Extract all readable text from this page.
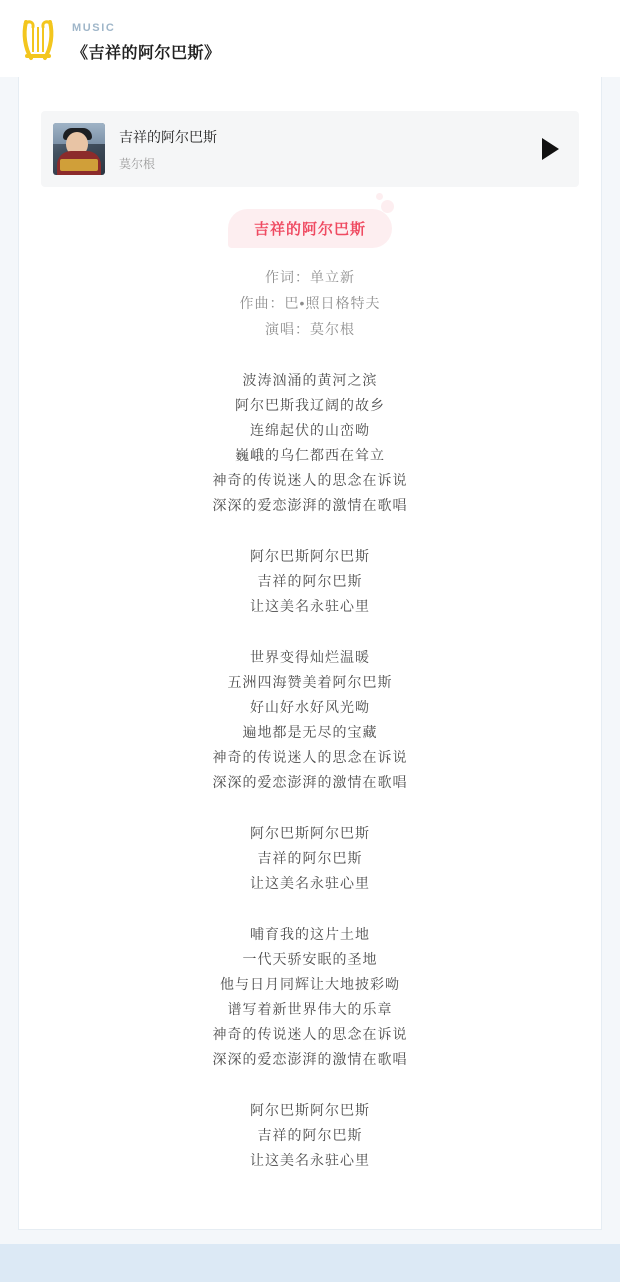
MUSIC
《吉祥的阿尔巴斯》
吉祥的阿尔巴斯
莫尔根
吉祥的阿尔巴斯
作词：单立新
作曲：巴•照日格特夫
演唱：莫尔根
波涛汹涌的黄河之滨
阿尔巴斯我辽阔的故乡
连绵起伏的山峦呦
巍峨的乌仁都西在耸立
神奇的传说迷人的思念在诉说
深深的爱恋澎湃的激情在歌唱
阿尔巴斯阿尔巴斯
吉祥的阿尔巴斯
让这美名永驻心里
世界变得灿烂温暖
五洲四海赞美着阿尔巴斯
好山好水好风光呦
遍地都是无尽的宝藏
神奇的传说迷人的思念在诉说
深深的爱恋澎湃的激情在歌唱
阿尔巴斯阿尔巴斯
吉祥的阿尔巴斯
让这美名永驻心里
哺育我的这片土地
一代天骄安眠的圣地
他与日月同辉让大地披彩呦
谱写着新世界伟大的乐章
神奇的传说迷人的思念在诉说
深深的爱恋澎湃的激情在歌唱
阿尔巴斯阿尔巴斯
吉祥的阿尔巴斯
让这美名永驻心里
